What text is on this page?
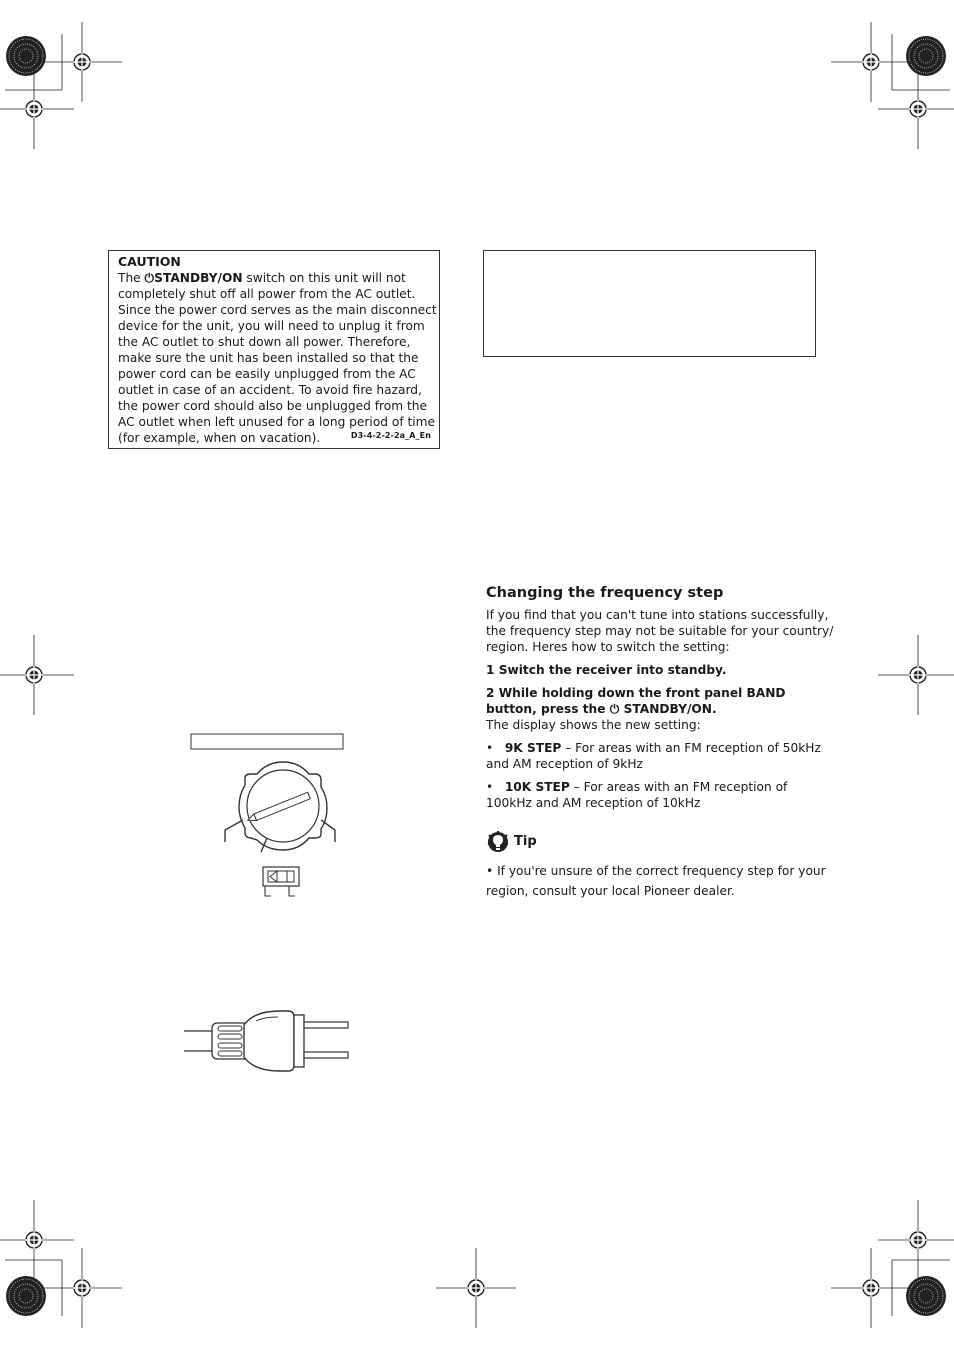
CAUTION
The ⏻STANDBY/ON switch on this unit will not
completely shut off all power from the AC outlet.
Since the power cord serves as the main disconnect
device for the unit, you will need to unplug it from
the AC outlet to shut down all power. Therefore,
make sure the unit has been installed so that the
power cord can be easily unplugged from the AC
outlet in case of an accident. To avoid fire hazard,
the power cord should also be unplugged from the
AC outlet when left unused for a long period of time
(for example, when on vacation).	D3-4-2-2-2a_A_En
Changing the frequency step

If you find that you can't tune into stations successfully,
the frequency step may not be suitable for your country/
region. Heres how to switch the setting:

1 Switch the receiver into standby.

2 While holding down the front panel BAND
button, press the ⏻ STANDBY/ON.

The display shows the new setting:

•   9K STEP – For areas with an FM reception of 50kHz
and AM reception of 9kHz

•   10K STEP – For areas with an FM reception of
100kHz and AM reception of 10kHz

Tip
• If you're unsure of the correct frequency step for your
region, consult your local Pioneer dealer.
